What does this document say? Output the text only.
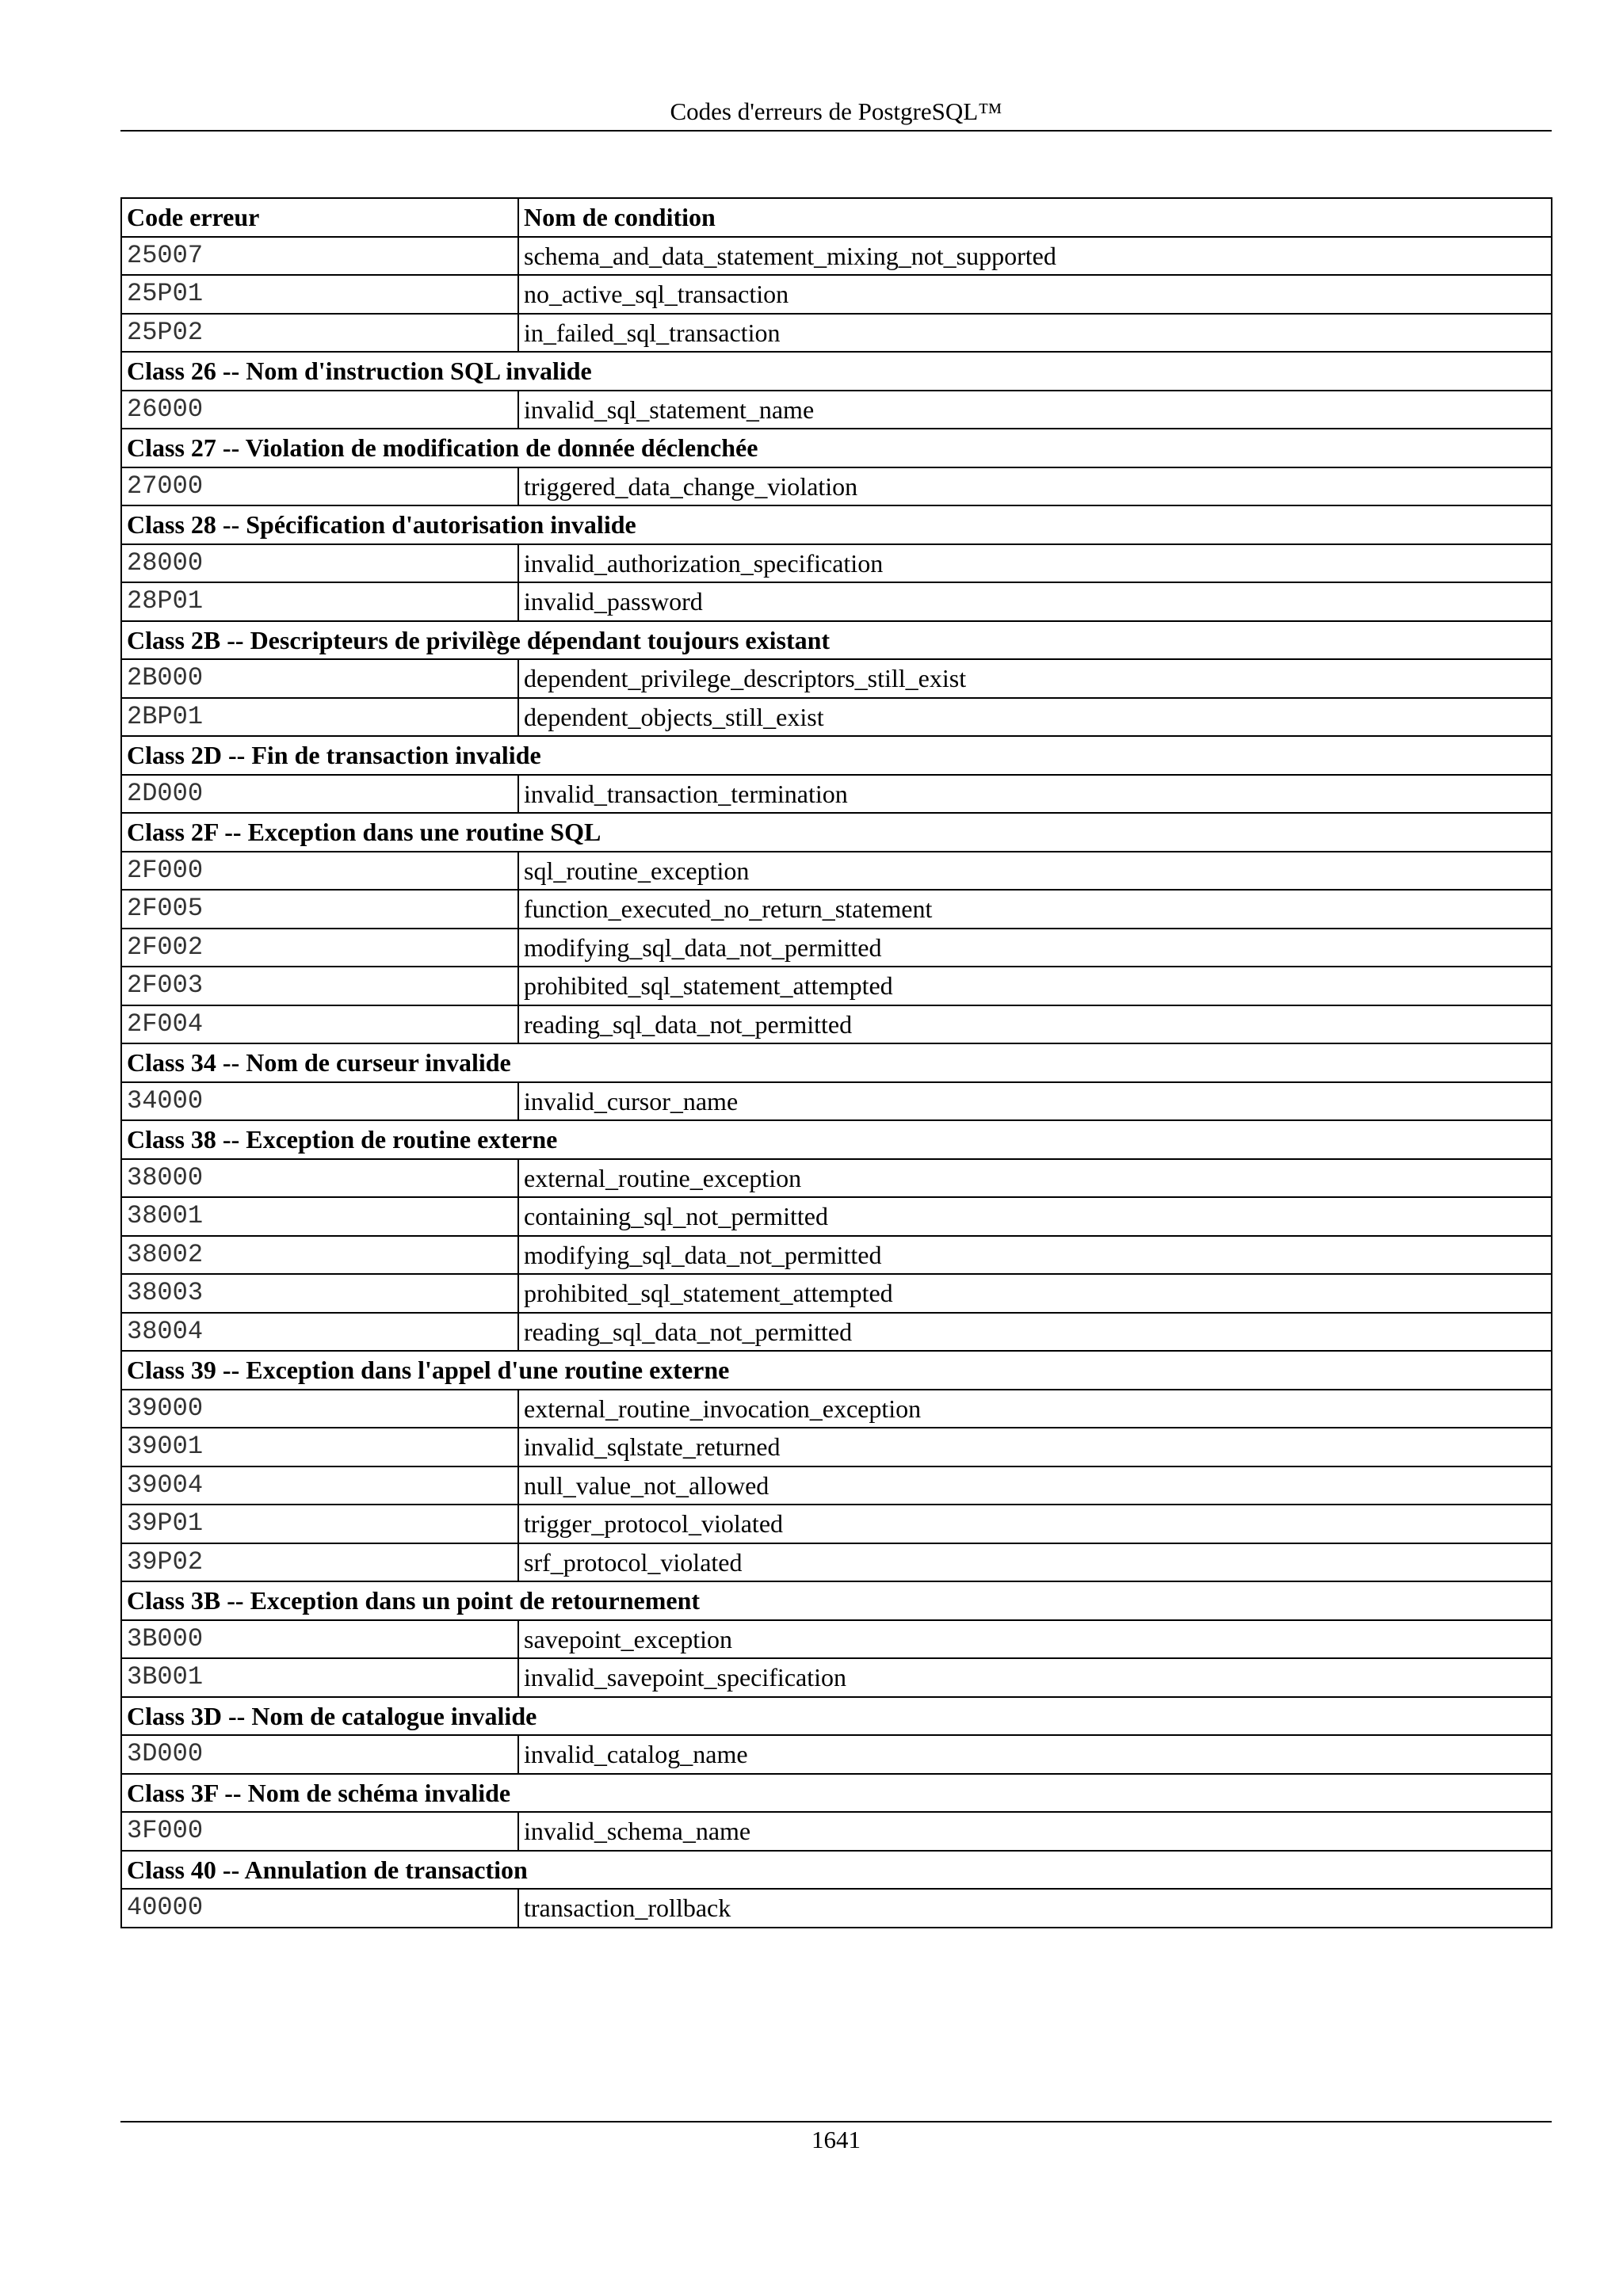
Codes d'erreurs de PostgreSQL™
Code erreur	Nom de condition
25007	schema_and_data_statement_mixing_not_supported
25P01	no_active_sql_transaction
25P02	in_failed_sql_transaction
Class 26 -- Nom d'instruction SQL invalide	
26000	invalid_sql_statement_name
Class 27 -- Violation de modification de donnée déclenchée	
27000	triggered_data_change_violation
Class 28 -- Spécification d'autorisation invalide	
28000	invalid_authorization_specification
28P01	invalid_password
Class 2B -- Descripteurs de privilège dépendant toujours existant	
2B000	dependent_privilege_descriptors_still_exist
2BP01	dependent_objects_still_exist
Class 2D -- Fin de transaction invalide	
2D000	invalid_transaction_termination
Class 2F -- Exception dans une routine SQL	
2F000	sql_routine_exception
2F005	function_executed_no_return_statement
2F002	modifying_sql_data_not_permitted
2F003	prohibited_sql_statement_attempted
2F004	reading_sql_data_not_permitted
Class 34 -- Nom de curseur invalide	
34000	invalid_cursor_name
Class 38 -- Exception de routine externe	
38000	external_routine_exception
38001	containing_sql_not_permitted
38002	modifying_sql_data_not_permitted
38003	prohibited_sql_statement_attempted
38004	reading_sql_data_not_permitted
Class 39 -- Exception dans l'appel d'une routine externe	
39000	external_routine_invocation_exception
39001	invalid_sqlstate_returned
39004	null_value_not_allowed
39P01	trigger_protocol_violated
39P02	srf_protocol_violated
Class 3B -- Exception dans un point de retournement	
3B000	savepoint_exception
3B001	invalid_savepoint_specification
Class 3D -- Nom de catalogue invalide	
3D000	invalid_catalog_name
Class 3F -- Nom de schéma invalide	
3F000	invalid_schema_name
Class 40 -- Annulation de transaction	
40000	transaction_rollback
1641
